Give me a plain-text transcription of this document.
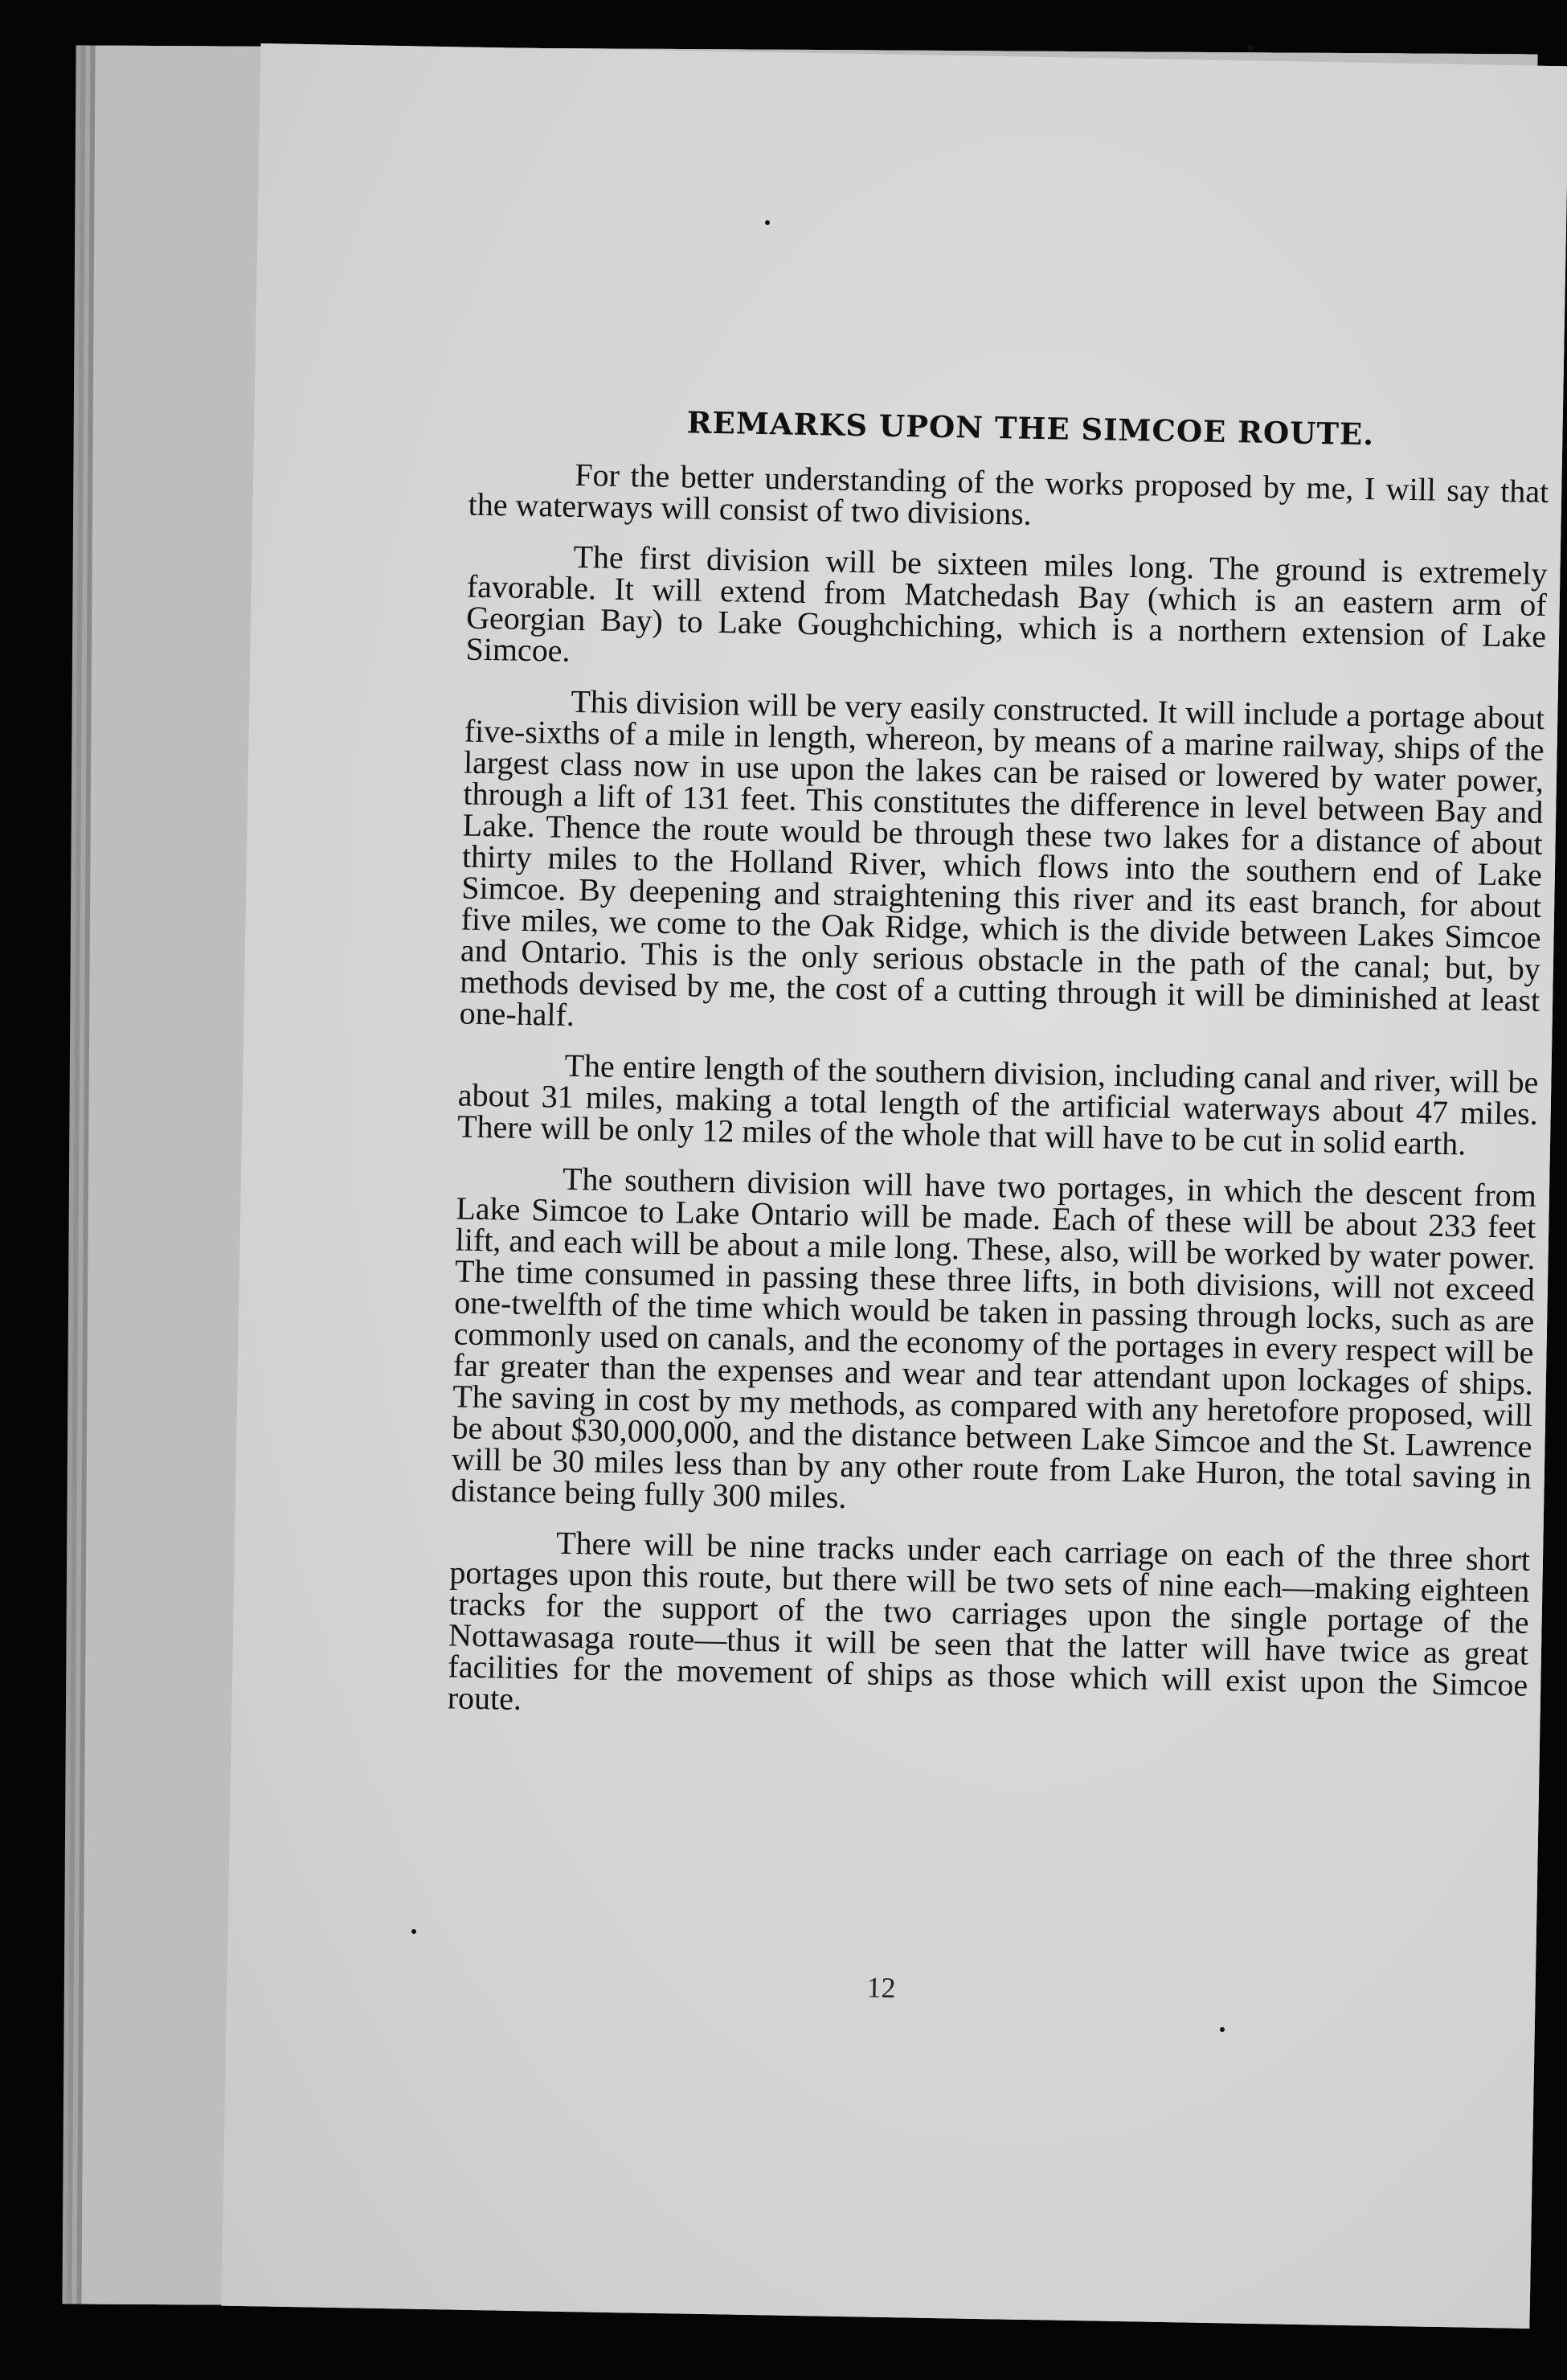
REMARKS UPON THE SIMCOE ROUTE.

For the better understanding of the works proposed by me, I will say that the waterways will consist of two divisions.

The first division will be sixteen miles long. The ground is extremely favorable. It will extend from Matchedash Bay (which is an eastern arm of Georgian Bay) to Lake Goughchiching, which is a northern extension of Lake Simcoe.

This division will be very easily constructed. It will include a portage about five-sixths of a mile in length, whereon, by means of a marine railway, ships of the largest class now in use upon the lakes can be raised or lowered by water power, through a lift of 131 feet. This constitutes the difference in level between Bay and Lake. Thence the route would be through these two lakes for a distance of about thirty miles to the Holland River, which flows into the southern end of Lake Simcoe. By deepening and straightening this river and its east branch, for about five miles, we come to the Oak Ridge, which is the divide between Lakes Simcoe and Ontario. This is the only serious obstacle in the path of the canal; but, by methods devised by me, the cost of a cutting through it will be diminished at least one-half.

The entire length of the southern division, including canal and river, will be about 31 miles, making a total length of the artificial waterways about 47 miles. There will be only 12 miles of the whole that will have to be cut in solid earth.

The southern division will have two portages, in which the descent from Lake Simcoe to Lake Ontario will be made. Each of these will be about 233 feet lift, and each will be about a mile long. These, also, will be worked by water power. The time consumed in passing these three lifts, in both divisions, will not exceed one-twelfth of the time which would be taken in passing through locks, such as are commonly used on canals, and the economy of the portages in every respect will be far greater than the expenses and wear and tear attendant upon lockages of ships. The saving in cost by my methods, as compared with any heretofore proposed, will be about $30,000,000, and the distance between Lake Simcoe and the St. Lawrence will be 30 miles less than by any other route from Lake Huron, the total saving in distance being fully 300 miles.

There will be nine tracks under each carriage on each of the three short portages upon this route, but there will be two sets of nine each—making eighteen tracks for the support of the two carriages upon the single portage of the Nottawasaga route—thus it will be seen that the latter will have twice as great facilities for the movement of ships as those which will exist upon the Simcoe route.

12
